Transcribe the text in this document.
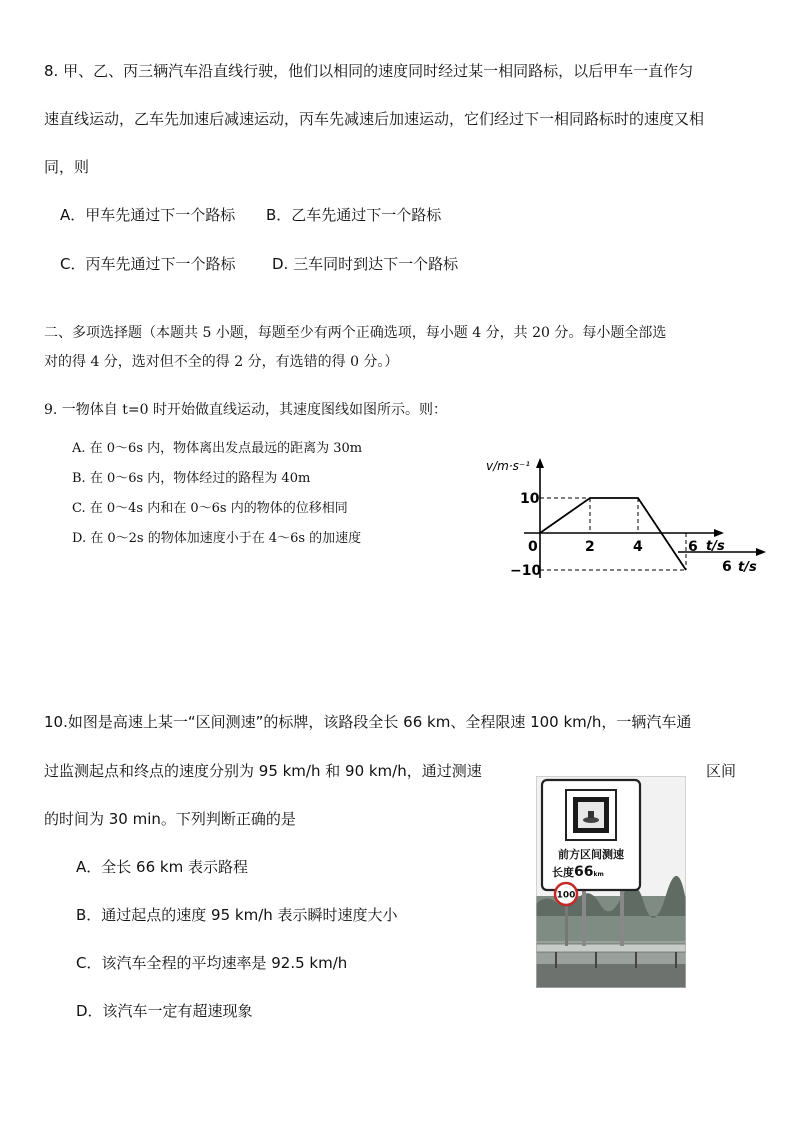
8. 甲、乙、丙三辆汽车沿直线行驶，他们以相同的速度同时经过某一相同路标，以后甲车一直作匀
速直线运动，乙车先加速后减速运动，丙车先减速后加速运动，它们经过下一相同路标时的速度又相
同，则
A．甲车先通过下一个路标 B．乙车先通过下一个路标
C．丙车先通过下一个路标 D. 三车同时到达下一个路标
二、多项选择题（本题共 5 小题，每题至少有两个正确选项，每小题 4 分，共 20 分。每小题全部选
对的得 4 分，选对但不全的得 2 分，有选错的得 0 分。）
9. 一物体自 t=0 时开始做直线运动，其速度图线如图所示。则：
A. 在 0～6s 内，物体离出发点最远的距离为 30m
B. 在 0～6s 内，物体经过的路程为 40m
C. 在 0～4s 内和在 0～6s 内的物体的位移相同
D. 在 0～2s 的物体加速度小于在 4～6s 的加速度
v/m·s⁻¹
10
−10
0	2	4	6 t/s
6 t/s
10.如图是高速上某一“区间测速”的标牌，该路段全长 66 km、全程限速 100 km/h，一辆汽车通
过监测起点和终点的速度分别为 95 km/h 和 90 km/h，通过测速	区间
的时间为 30 min。下列判断正确的是
A．全长 66 km 表示路程
B．通过起点的速度 95 km/h 表示瞬时速度大小
C．该汽车全程的平均速率是 92.5 km/h
D．该汽车一定有超速现象
前方区间测速
长度66km
100
